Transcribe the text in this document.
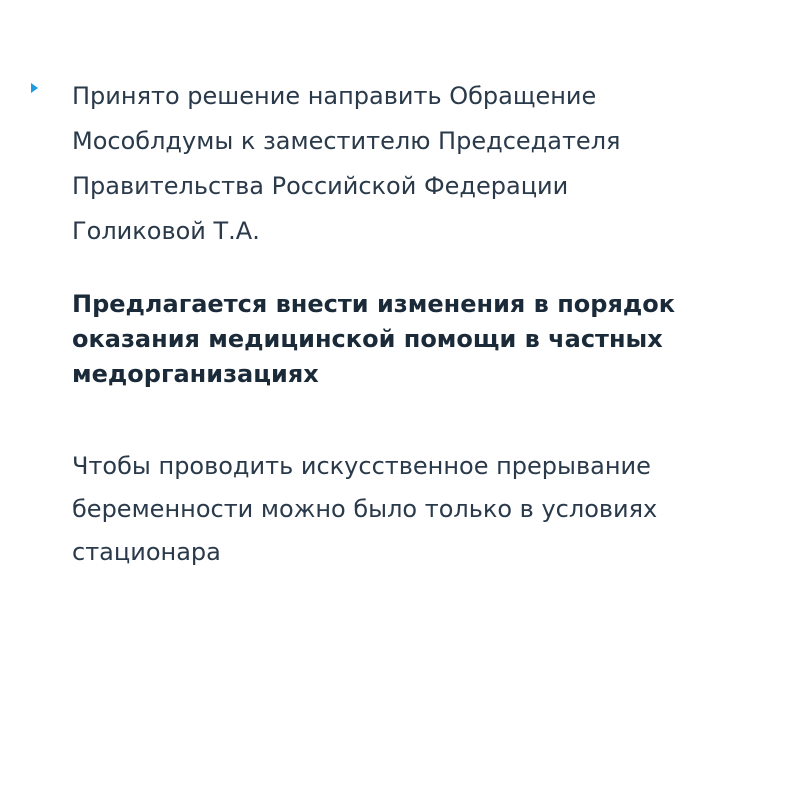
Принято решение направить Обращение
Мособлдумы к заместителю Председателя
Правительства Российской Федерации
Голиковой Т.А.

Предлагается внести изменения в порядок
оказания медицинской помощи в частных
медорганизациях

Чтобы проводить искусственное прерывание
беременности можно было только в условиях
стационара
